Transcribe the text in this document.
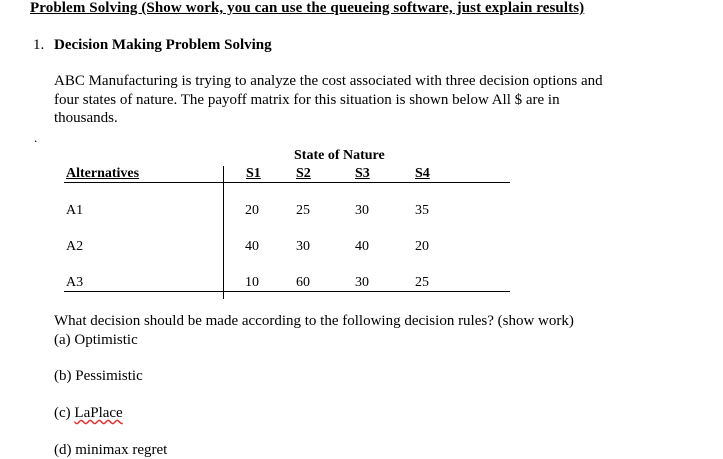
Problem Solving (Show work, you can use the queueing software, just explain results)
1. Decision Making Problem Solving
ABC Manufacturing is trying to analyze the cost associated with three decision options and
four states of nature. The payoff matrix for this situation is shown below All $ are in
thousands.
.
State of Nature
Alternatives	S1	S2	S3	S4
A1	20	25	30	35
A2	40	30	40	20
A3	10	60	30	25
What decision should be made according to the following decision rules? (show work)
(a) Optimistic
(b) Pessimistic
(c) LaPlace
(d) minimax regret
